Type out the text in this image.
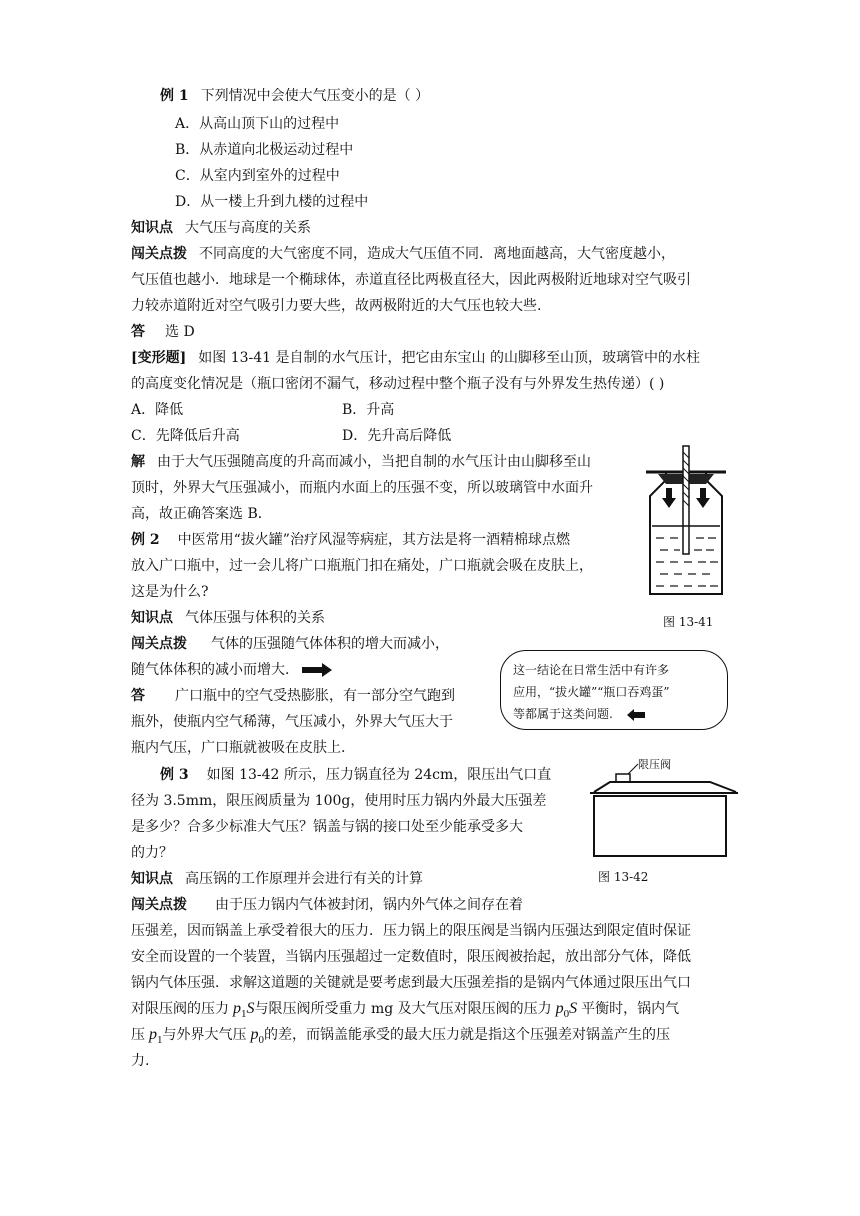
例 1 下列情况中会使大气压变小的是（ ）
A．从高山顶下山的过程中
B．从赤道向北极运动过程中
C．从室内到室外的过程中
D．从一楼上升到九楼的过程中
知识点 大气压与高度的关系
闯关点拨 不同高度的大气密度不同，造成大气压值不同．离地面越高，大气密度越小，
气压值也越小．地球是一个椭球体，赤道直径比两极直径大，因此两极附近地球对空气吸引
力较赤道附近对空气吸引力要大些，故两极附近的大气压也较大些.
答 选 D
[变形题] 如图 13-41 是自制的水气压计，把它由东宝山 的山脚移至山顶，玻璃管中的水柱
的高度变化情况是（瓶口密闭不漏气，移动过程中整个瓶子没有与外界发生热传递）( )
A．降低	B．升高
C．先降低后升高	D．先升高后降低
解 由于大气压强随高度的升高而减小，当把自制的水气压计由山脚移至山
顶时，外界大气压强减小，而瓶内水面上的压强不变，所以玻璃管中水面升
高，故正确答案选 B．
图 13-41
例 2 中医常用“拔火罐”治疗风湿等病症，其方法是将一酒精棉球点燃
放入广口瓶中，过一会儿将广口瓶瓶门扣在痛处，广口瓶就会吸在皮肤上，
这是为什么?
知识点 气体压强与体积的关系
闯关点拨 气体的压强随气体体积的增大而减小，
随气体体积的减小而增大.
答 广口瓶中的空气受热膨胀，有一部分空气跑到
瓶外，使瓶内空气稀薄，气压减小，外界大气压大于
瓶内气压，广口瓶就被吸在皮肤上.
这一结论在日常生活中有许多
应用，“拔火罐”“瓶口吞鸡蛋”
等都属于这类问题.
例 3 如图 13-42 所示，压力锅直径为 24cm，限压出气口直
径为 3.5mm，限压阀质量为 100g，使用时压力锅内外最大压强差
是多少？合多少标准大气压？锅盖与锅的接口处至少能承受多大
的力？
限压阀
图 13-42
知识点 高压锅的工作原理并会进行有关的计算
闯关点拨 由于压力锅内气体被封闭，锅内外气体之间存在着
压强差，因而锅盖上承受着很大的压力．压力锅上的限压阀是当锅内压强达到限定值时保证
安全而设置的一个装置，当锅内压强超过一定数值时，限压阀被抬起，放出部分气体，降低
锅内气体压强．求解这道题的关键就是要考虑到最大压强差指的是锅内气体通过限压出气口
对限压阀的压力 $p_1S$与限压阀所受重力 mg 及大气压对限压阀的压力 $p_0S$ 平衡时，锅内气
压 $p_1$与外界大气压 $p_0$的差，而锅盖能承受的最大压力就是指这个压强差对锅盖产生的压
力.
